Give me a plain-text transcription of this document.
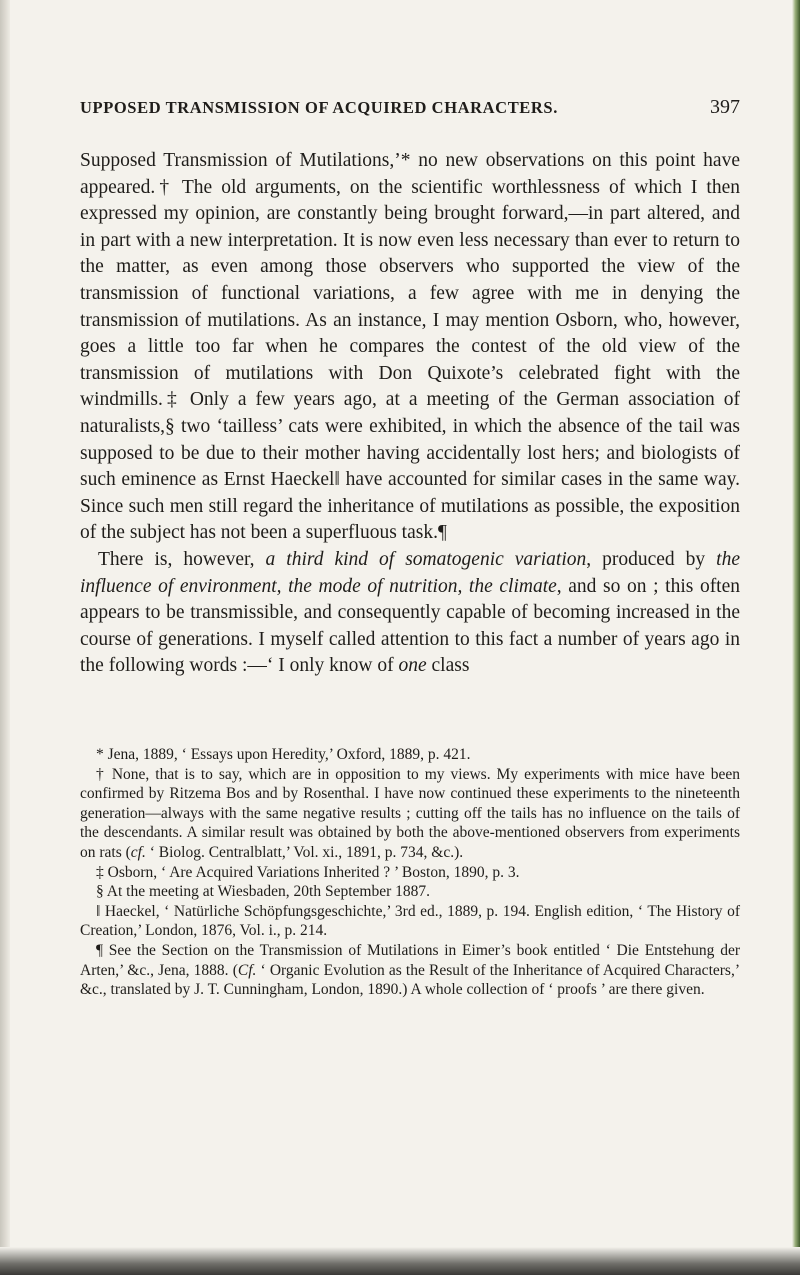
UPPOSED TRANSMISSION OF ACQUIRED CHARACTERS.	397

Supposed Transmission of Mutilations,’* no new observations on this point have appeared.† The old arguments, on the scientific worthlessness of which I then expressed my opinion, are constantly being brought forward,—in part altered, and in part with a new interpretation. It is now even less necessary than ever to return to the matter, as even among those observers who supported the view of the transmission of functional variations, a few agree with me in denying the transmission of mutilations. As an instance, I may mention Osborn, who, however, goes a little too far when he compares the contest of the old view of the transmission of mutilations with Don Quixote’s celebrated fight with the windmills.‡ Only a few years ago, at a meeting of the German association of naturalists,§ two ‘tailless’ cats were exhibited, in which the absence of the tail was supposed to be due to their mother having accidentally lost hers; and biologists of such eminence as Ernst Haeckel‖ have accounted for similar cases in the same way. Since such men still regard the inheritance of mutilations as possible, the exposition of the subject has not been a superfluous task.¶

There is, however, a third kind of somatogenic variation, produced by the influence of environment, the mode of nutrition, the climate, and so on ; this often appears to be transmissible, and consequently capable of becoming increased in the course of generations. I myself called attention to this fact a number of years ago in the following words :—‘ I only know of one class

* Jena, 1889, ‘ Essays upon Heredity,’ Oxford, 1889, p. 421.

† None, that is to say, which are in opposition to my views. My experiments with mice have been confirmed by Ritzema Bos and by Rosenthal. I have now continued these experiments to the nineteenth generation—always with the same negative results ; cutting off the tails has no influence on the tails of the descendants. A similar result was obtained by both the above-mentioned observers from experiments on rats (cf. ‘ Biolog. Centralblatt,’ Vol. xi., 1891, p. 734, &c.).

‡ Osborn, ‘ Are Acquired Variations Inherited ? ’ Boston, 1890, p. 3.

§ At the meeting at Wiesbaden, 20th September 1887.

‖ Haeckel, ‘ Natürliche Schöpfungsgeschichte,’ 3rd ed., 1889, p. 194. English edition, ‘ The History of Creation,’ London, 1876, Vol. i., p. 214.

¶ See the Section on the Transmission of Mutilations in Eimer’s book entitled ‘ Die Entstehung der Arten,’ &c., Jena, 1888. (Cf. ‘ Organic Evolution as the Result of the Inheritance of Acquired Characters,’ &c., translated by J. T. Cunningham, London, 1890.) A whole collection of ‘ proofs ’ are there given.
